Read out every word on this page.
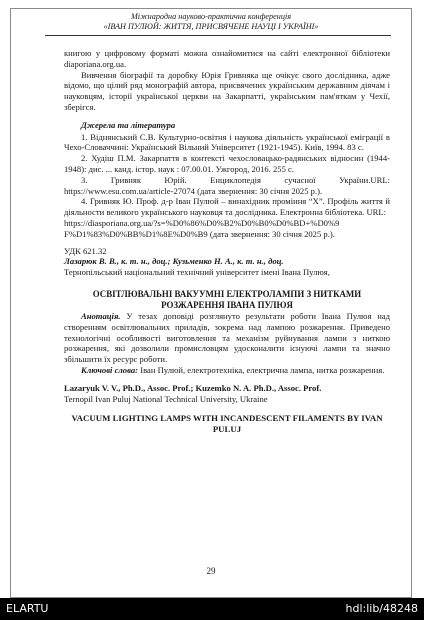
Міжнародна науково-практична конференція
«ІВАН ПУЛЮЙ: ЖИТТЯ, ПРИСВЯЧЕНЕ НАУЦІ І УКРАЇНІ»

книгою у цифровому форматі можна ознайомитися на сайті електронної бібліотеки diaporiana.org.ua.

Вивчення біографії та доробку Юрія Гривняка ще очікує свого дослідника, адже відомо, що цілий ряд монографій автора, присвячених українським державним діячам і науковцям, історії української церкви на Закарпатті, українським пам'яткам у Чехії, зберігся.

Джерела та література

1. Віднянський С.В. Культурно-освітня і наукова діяльність української еміграції в Чехо-Словаччині: Український Вільний Університет (1921-1945). Київ, 1994. 83 с.

2. Худіш П.М. Закарпаття в контексті чехословацько-радянських відносин (1944-1948): дис. ... канд. істор. наук : 07.00.01. Ужгород, 2016. 255 с.

3. Гривняк Юрій. Енциклопедія сучасної України.URL: https://www.esu.com.ua/article-27074 (дата звернення: 30 січня 2025 р.).

4. Гривняк Ю. Проф. д-р Іван Пулюй – винахідник проміння “Х”. Профіль життя й діяльности великого українського науковця та дослідника. Електронна бібліотека. URL:

https://diasporiana.org.ua/?s=%D0%86%D0%B2%D0%B0%D0%BD+%D0%9

F%D1%83%D0%BB%D1%8E%D0%B9 (дата звернення: 30 січня 2025 р.).

УДК 621.32

Лазарюк В. В., к. т. н., доц.; Кузьменко Н. А., к. т. н., доц.

Тернопільський національний технічний університет імені Івана Пулюя,

ОСВІТЛЮВАЛЬНІ ВАКУУМНІ ЕЛЕКТРОЛАМПИ З НИТКАМИ РОЗЖАРЕННЯ ІВАНА ПУЛЮЯ

Анотація. У тезах доповіді розглянуто результати роботи Івана Пулюя над створенням освітлювальних приладів, зокрема над лампою розжарення. Приведено технологічні особливості виготовлення та механізм руйнування лампи з ниткою розжарення, які дозволили промисловцям удосконалити існуючі лампи та значно збільшити їх ресурс роботи.

Ключові слова: Іван Пулюй, електротехніка, електрична лампа, нитка розжарення.

Lazaryuk V. V., Ph.D., Assoc. Prof.; Kuzemko N. A. Ph.D., Assoc. Prof.

Ternopil Ivan Puluj National Technical University, Ukraine

VACUUM LIGHTING LAMPS WITH INCANDESCENT FILAMENTS BY IVAN PULUJ

29
ELARTU	hdl:lib/48248
